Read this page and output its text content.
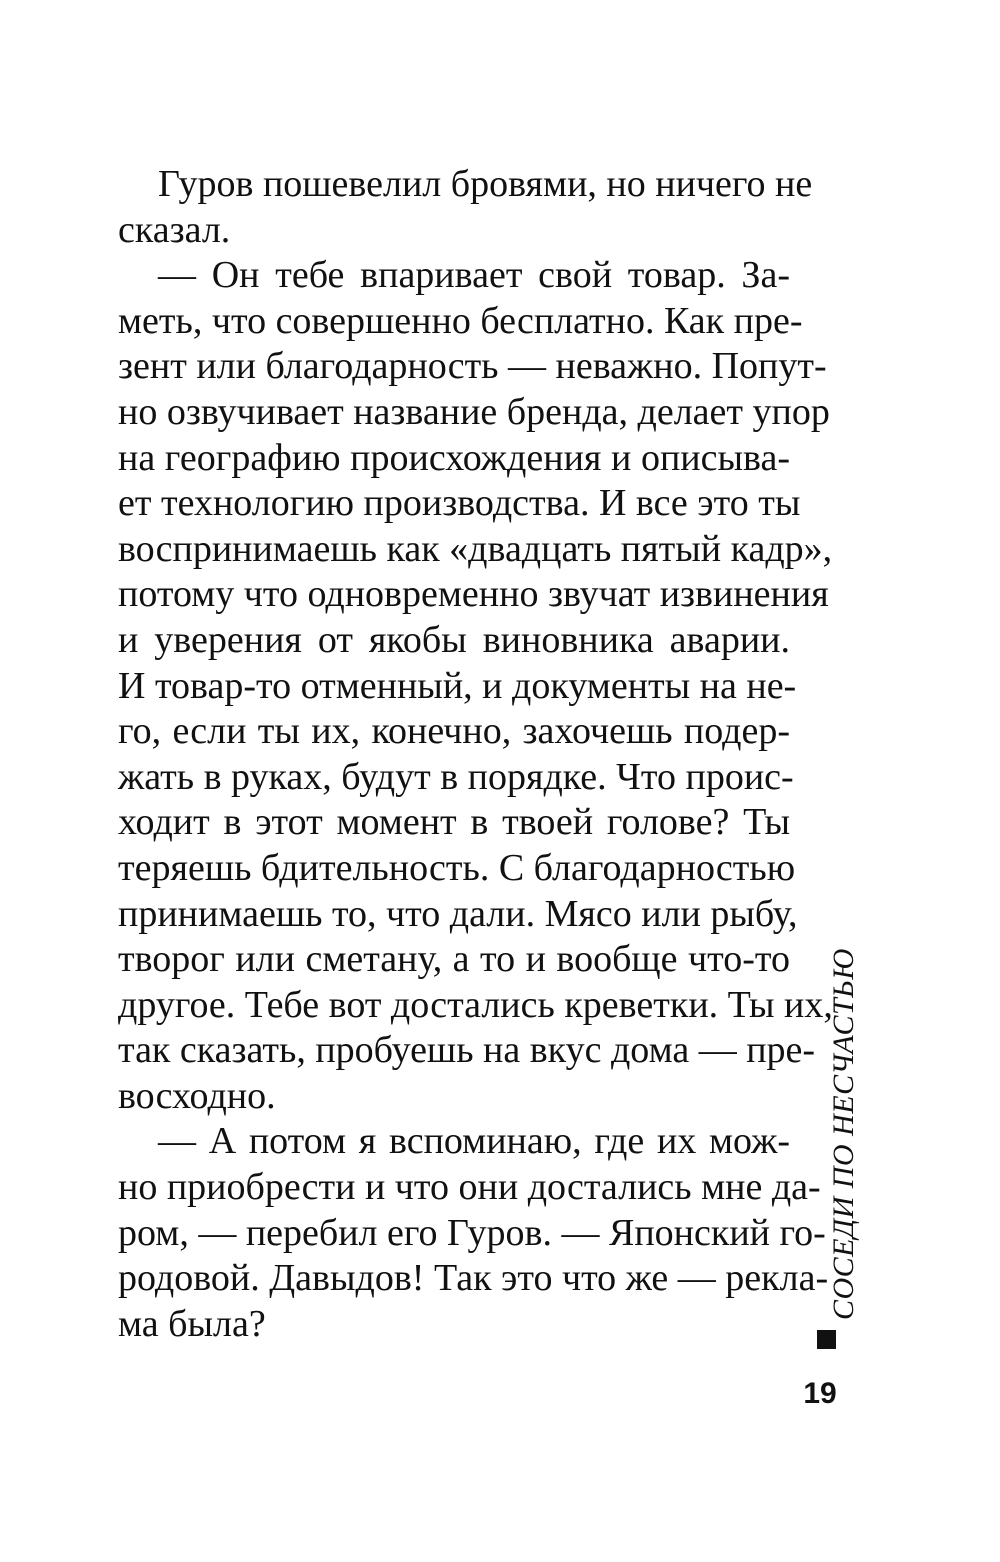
Гуров пошевелил бровями, но ничего не
сказал.
— Он тебе впаривает свой товар. За-
меть, что совершенно бесплатно. Как пре-
зент или благодарность — неважно. Попут-
но озвучивает название бренда, делает упор
на географию происхождения и описыва-
ет технологию производства. И все это ты
воспринимаешь как «двадцать пятый кадр»,
потому что одновременно звучат извинения
и уверения от якобы виновника аварии.
И товар-то отменный, и документы на не-
го, если ты их, конечно, захочешь подер-
жать в руках, будут в порядке. Что проис-
ходит в этот момент в твоей голове? Ты
теряешь бдительность. С благодарностью
принимаешь то, что дали. Мясо или рыбу,
творог или сметану, а то и вообще что-то
другое. Тебе вот достались креветки. Ты их,
так сказать, пробуешь на вкус дома — пре-
восходно.
— А потом я вспоминаю, где их мож-
но приобрести и что они достались мне да-
ром, — перебил его Гуров. — Японский го-
родовой. Давыдов! Так это что же — рекла-
ма была?
СОСЕДИ ПО НЕСЧАСТЬЮ
19
